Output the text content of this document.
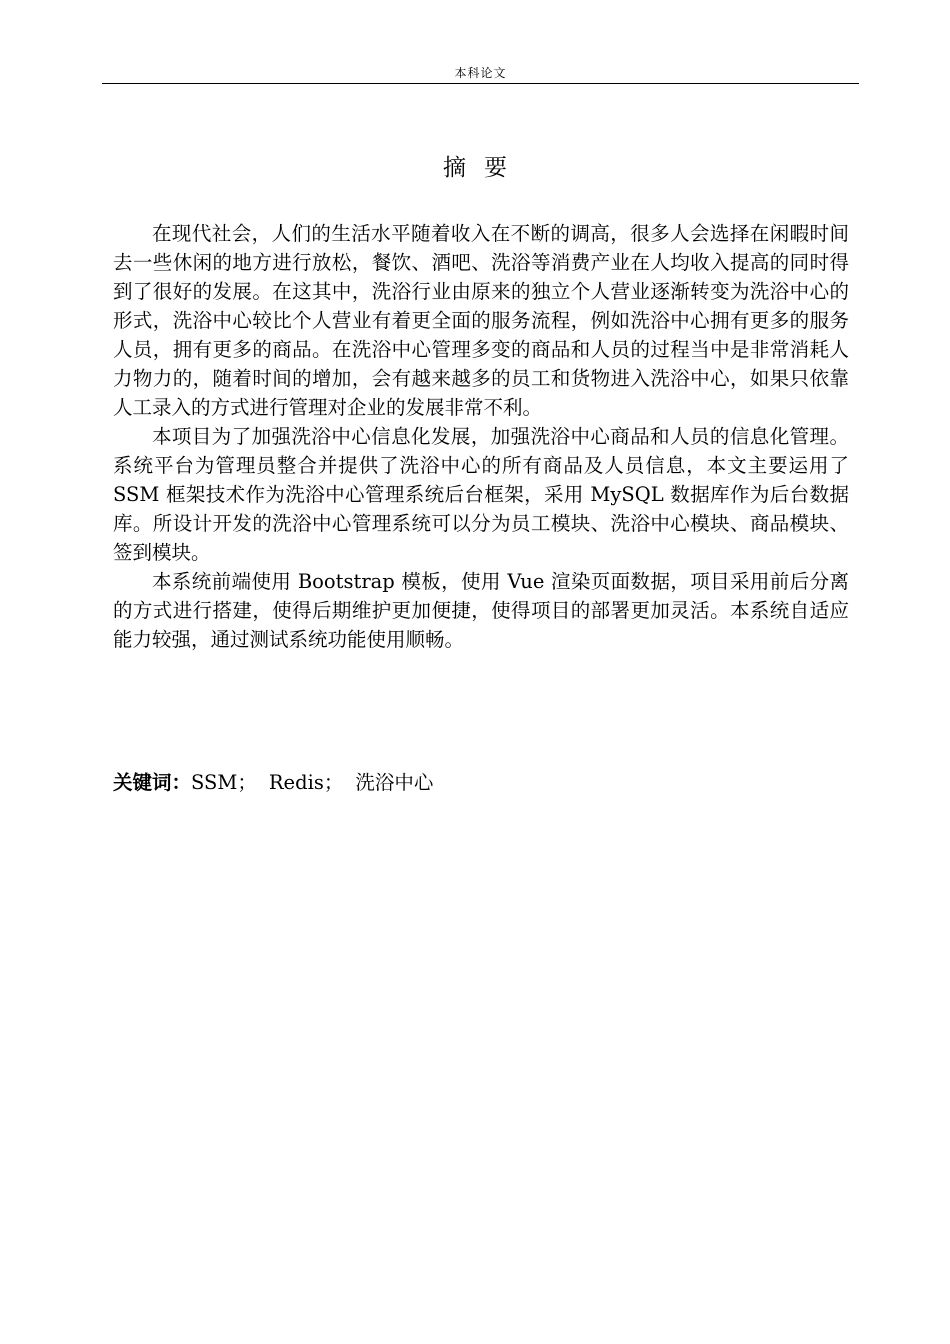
本科论文
摘要

在现代社会，人们的生活水平随着收入在不断的调高，很多人会选择在闲暇时间去一些休闲的地方进行放松，餐饮、酒吧、洗浴等消费产业在人均收入提高的同时得到了很好的发展。在这其中，洗浴行业由原来的独立个人营业逐渐转变为洗浴中心的形式，洗浴中心较比个人营业有着更全面的服务流程，例如洗浴中心拥有更多的服务人员，拥有更多的商品。在洗浴中心管理多变的商品和人员的过程当中是非常消耗人力物力的，随着时间的增加，会有越来越多的员工和货物进入洗浴中心，如果只依靠人工录入的方式进行管理对企业的发展非常不利。

本项目为了加强洗浴中心信息化发展，加强洗浴中心商品和人员的信息化管理。系统平台为管理员整合并提供了洗浴中心的所有商品及人员信息，本文主要运用了 SSM 框架技术作为洗浴中心管理系统后台框架，采用 MySQL 数据库作为后台数据库。所设计开发的洗浴中心管理系统可以分为员工模块、洗浴中心模块、商品模块、签到模块。

本系统前端使用 Bootstrap 模板，使用 Vue 渲染页面数据，项目采用前后分离的方式进行搭建，使得后期维护更加便捷，使得项目的部署更加灵活。本系统自适应能力较强，通过测试系统功能使用顺畅。

关键词：SSM； Redis； 洗浴中心
